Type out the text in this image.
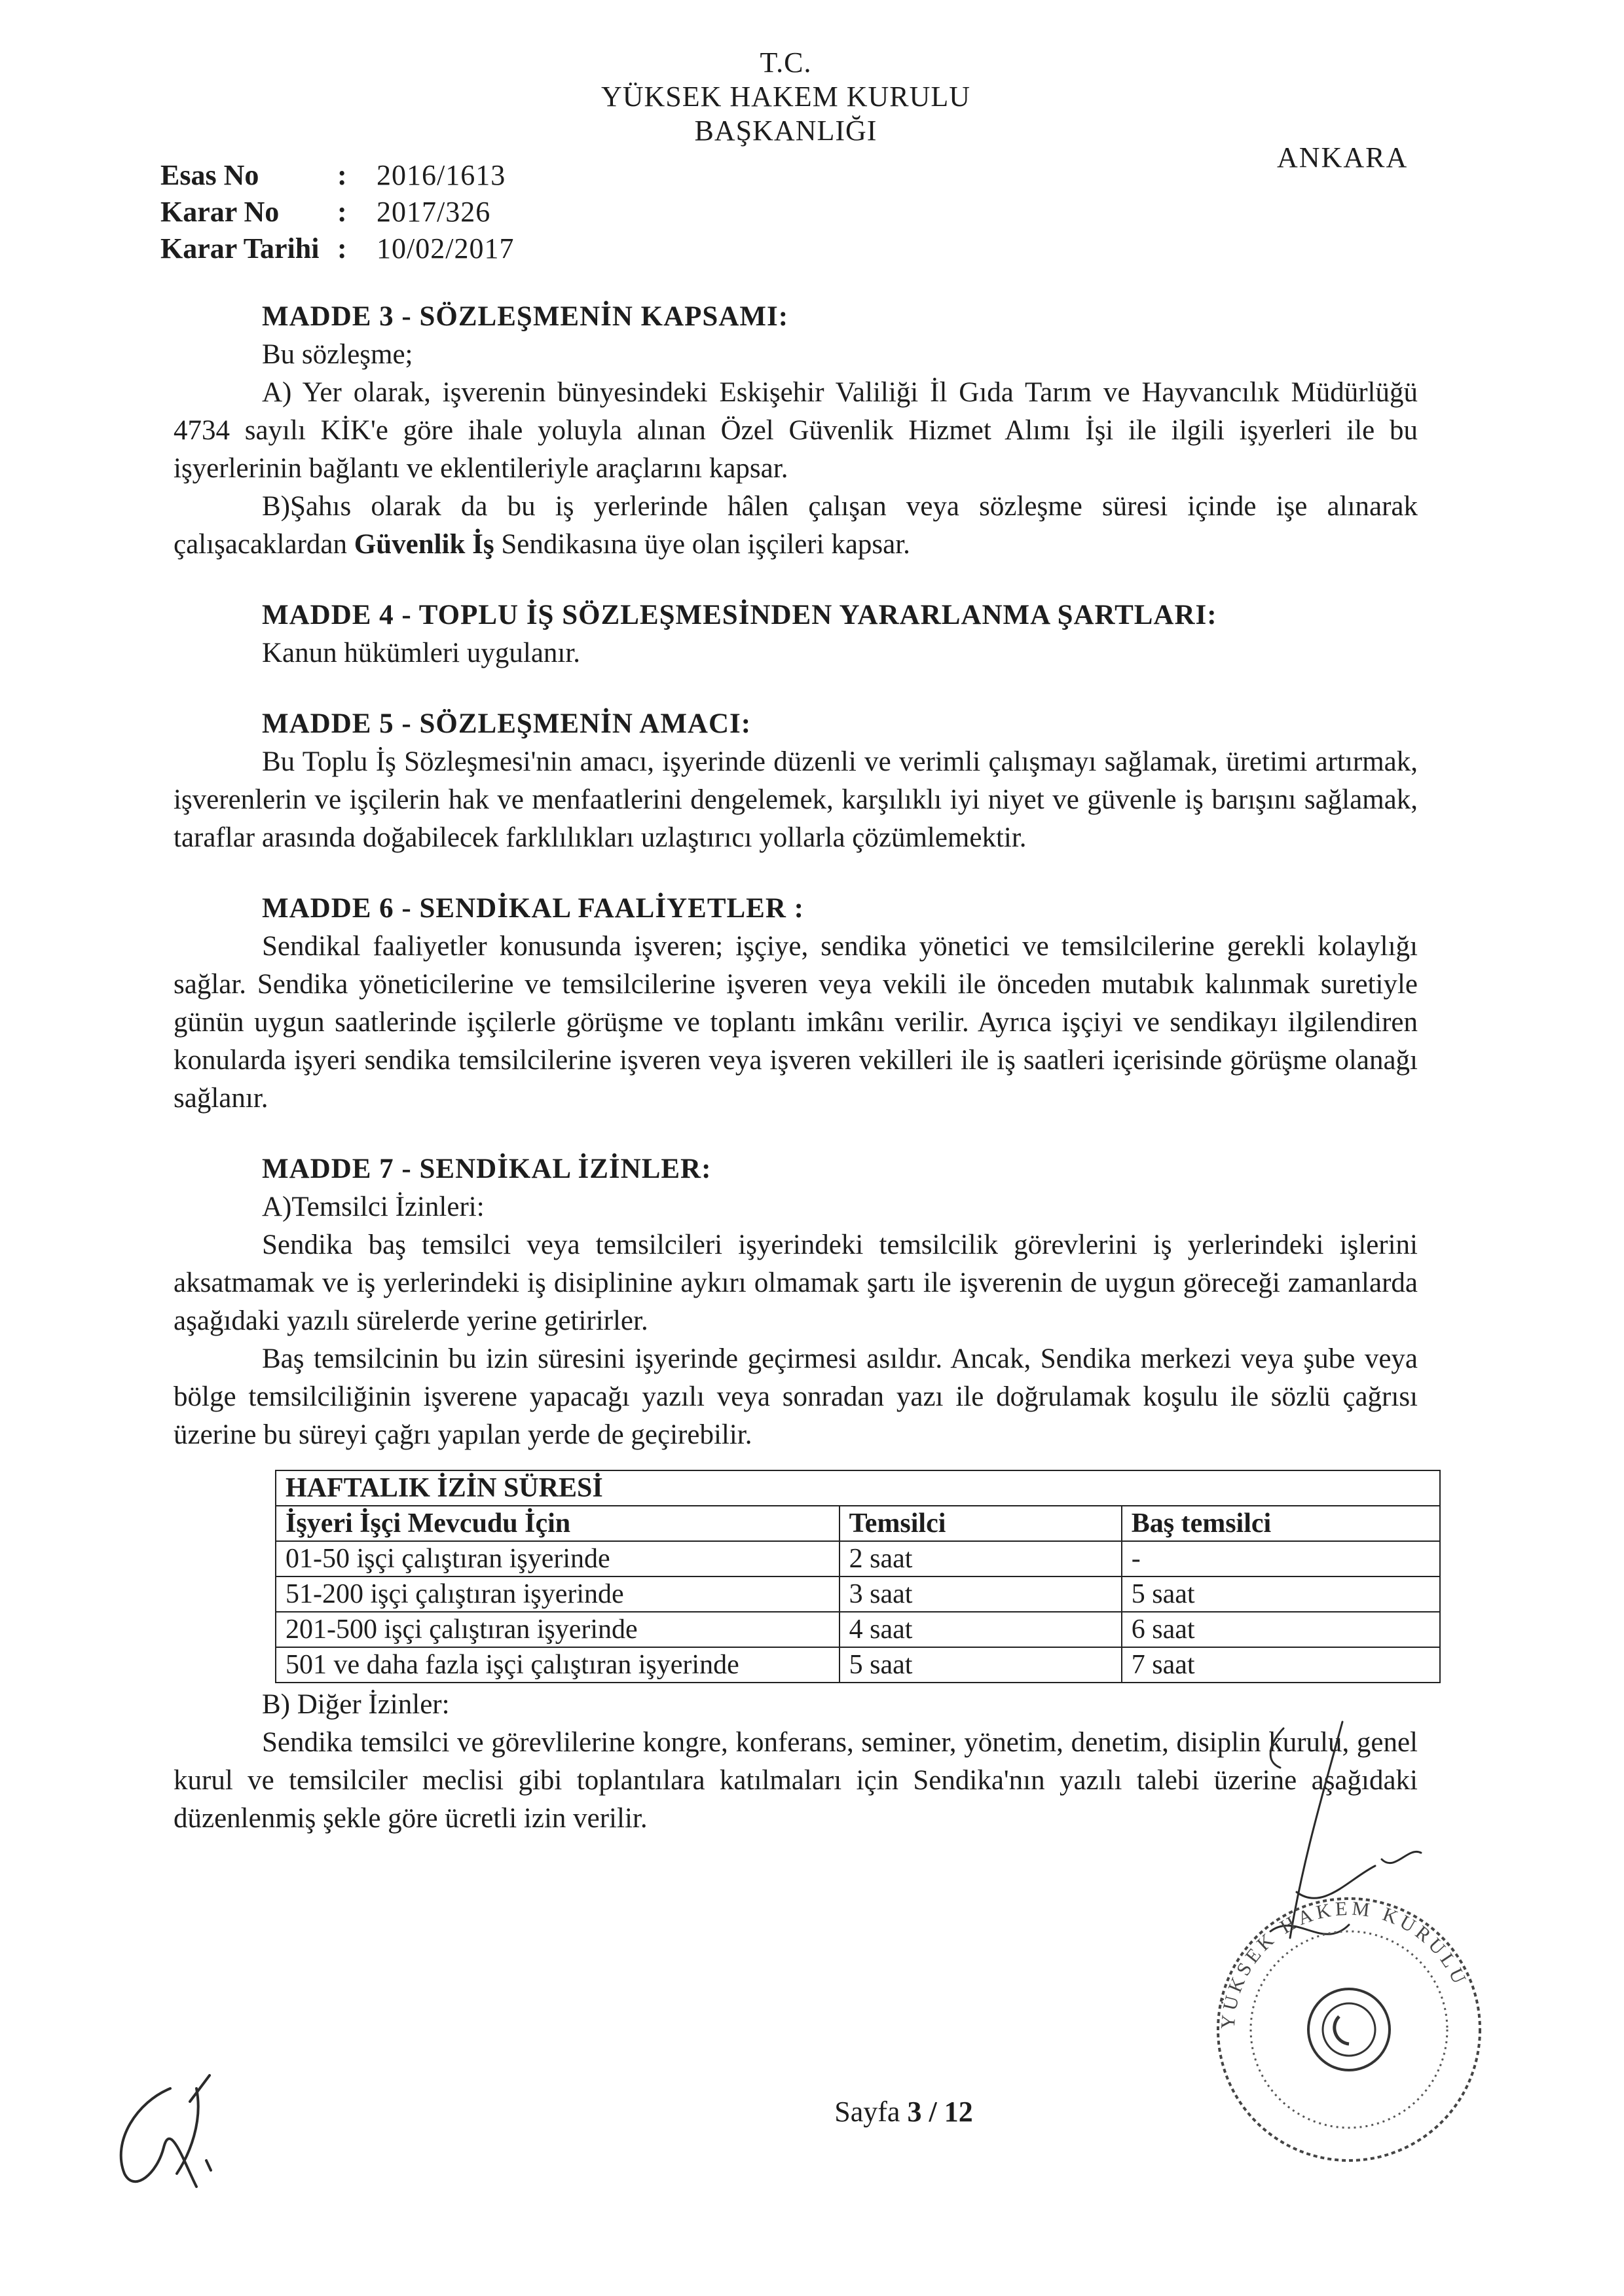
T.C.
YÜKSEK HAKEM KURULU
BAŞKANLIĞI
ANKARA
Esas No	:	2016/1613
Karar No	:	2017/326
Karar Tarihi :	10/02/2017
MADDE 3 - SÖZLEŞMENİN KAPSAMI:
Bu sözleşme;
A) Yer olarak, işverenin bünyesindeki Eskişehir Valiliği İl Gıda Tarım ve Hayvancılık Müdürlüğü 4734 sayılı KİK'e göre ihale yoluyla alınan Özel Güvenlik Hizmet Alımı İşi ile ilgili işyerleri ile bu işyerlerinin bağlantı ve eklentileriyle araçlarını kapsar.
B)Şahıs olarak da bu iş yerlerinde hâlen çalışan veya sözleşme süresi içinde işe alınarak çalışacaklardan Güvenlik İş Sendikasına üye olan işçileri kapsar.
MADDE 4 - TOPLU İŞ SÖZLEŞMESİNDEN YARARLANMA ŞARTLARI:
Kanun hükümleri uygulanır.
MADDE 5 - SÖZLEŞMENİN AMACI:
Bu Toplu İş Sözleşmesi'nin amacı, işyerinde düzenli ve verimli çalışmayı sağlamak, üretimi artırmak, işverenlerin ve işçilerin hak ve menfaatlerini dengelemek, karşılıklı iyi niyet ve güvenle iş barışını sağlamak, taraflar arasında doğabilecek farklılıkları uzlaştırıcı yollarla çözümlemektir.
MADDE 6 - SENDİKAL FAALİYETLER :
Sendikal faaliyetler konusunda işveren; işçiye, sendika yönetici ve temsilcilerine gerekli kolaylığı sağlar. Sendika yöneticilerine ve temsilcilerine işveren veya vekili ile önceden mutabık kalınmak suretiyle günün uygun saatlerinde işçilerle görüşme ve toplantı imkânı verilir. Ayrıca işçiyi ve sendikayı ilgilendiren konularda işyeri sendika temsilcilerine işveren veya işveren vekilleri ile iş saatleri içerisinde görüşme olanağı sağlanır.
MADDE 7 - SENDİKAL İZİNLER:
A)Temsilci İzinleri:
Sendika baş temsilci veya temsilcileri işyerindeki temsilcilik görevlerini iş yerlerindeki işlerini aksatmamak ve iş yerlerindeki iş disiplinine aykırı olmamak şartı ile işverenin de uygun göreceği zamanlarda aşağıdaki yazılı sürelerde yerine getirirler.
Baş temsilcinin bu izin süresini işyerinde geçirmesi asıldır. Ancak, Sendika merkezi veya şube veya bölge temsilciliğinin işverene yapacağı yazılı veya sonradan yazı ile doğrulamak koşulu ile sözlü çağrısı üzerine bu süreyi çağrı yapılan yerde de geçirebilir.
HAFTALIK İZİN SÜRESİ		
İşyeri İşçi Mevcudu İçin	Temsilci	Baş temsilci
01-50 işçi çalıştıran işyerinde	2 saat	-
51-200 işçi çalıştıran işyerinde	3 saat	5 saat
201-500 işçi çalıştıran işyerinde	4 saat	6 saat
501 ve daha fazla işçi çalıştıran işyerinde	5 saat	7 saat
B) Diğer İzinler:
Sendika temsilci ve görevlilerine kongre, konferans, seminer, yönetim, denetim, disiplin kurulu, genel kurul ve temsilciler meclisi gibi toplantılara katılmaları için Sendika'nın yazılı talebi üzerine aşağıdaki düzenlenmiş şekle göre ücretli izin verilir.
YÜKSEK HAKEM KURULU
Sayfa 3 / 12
